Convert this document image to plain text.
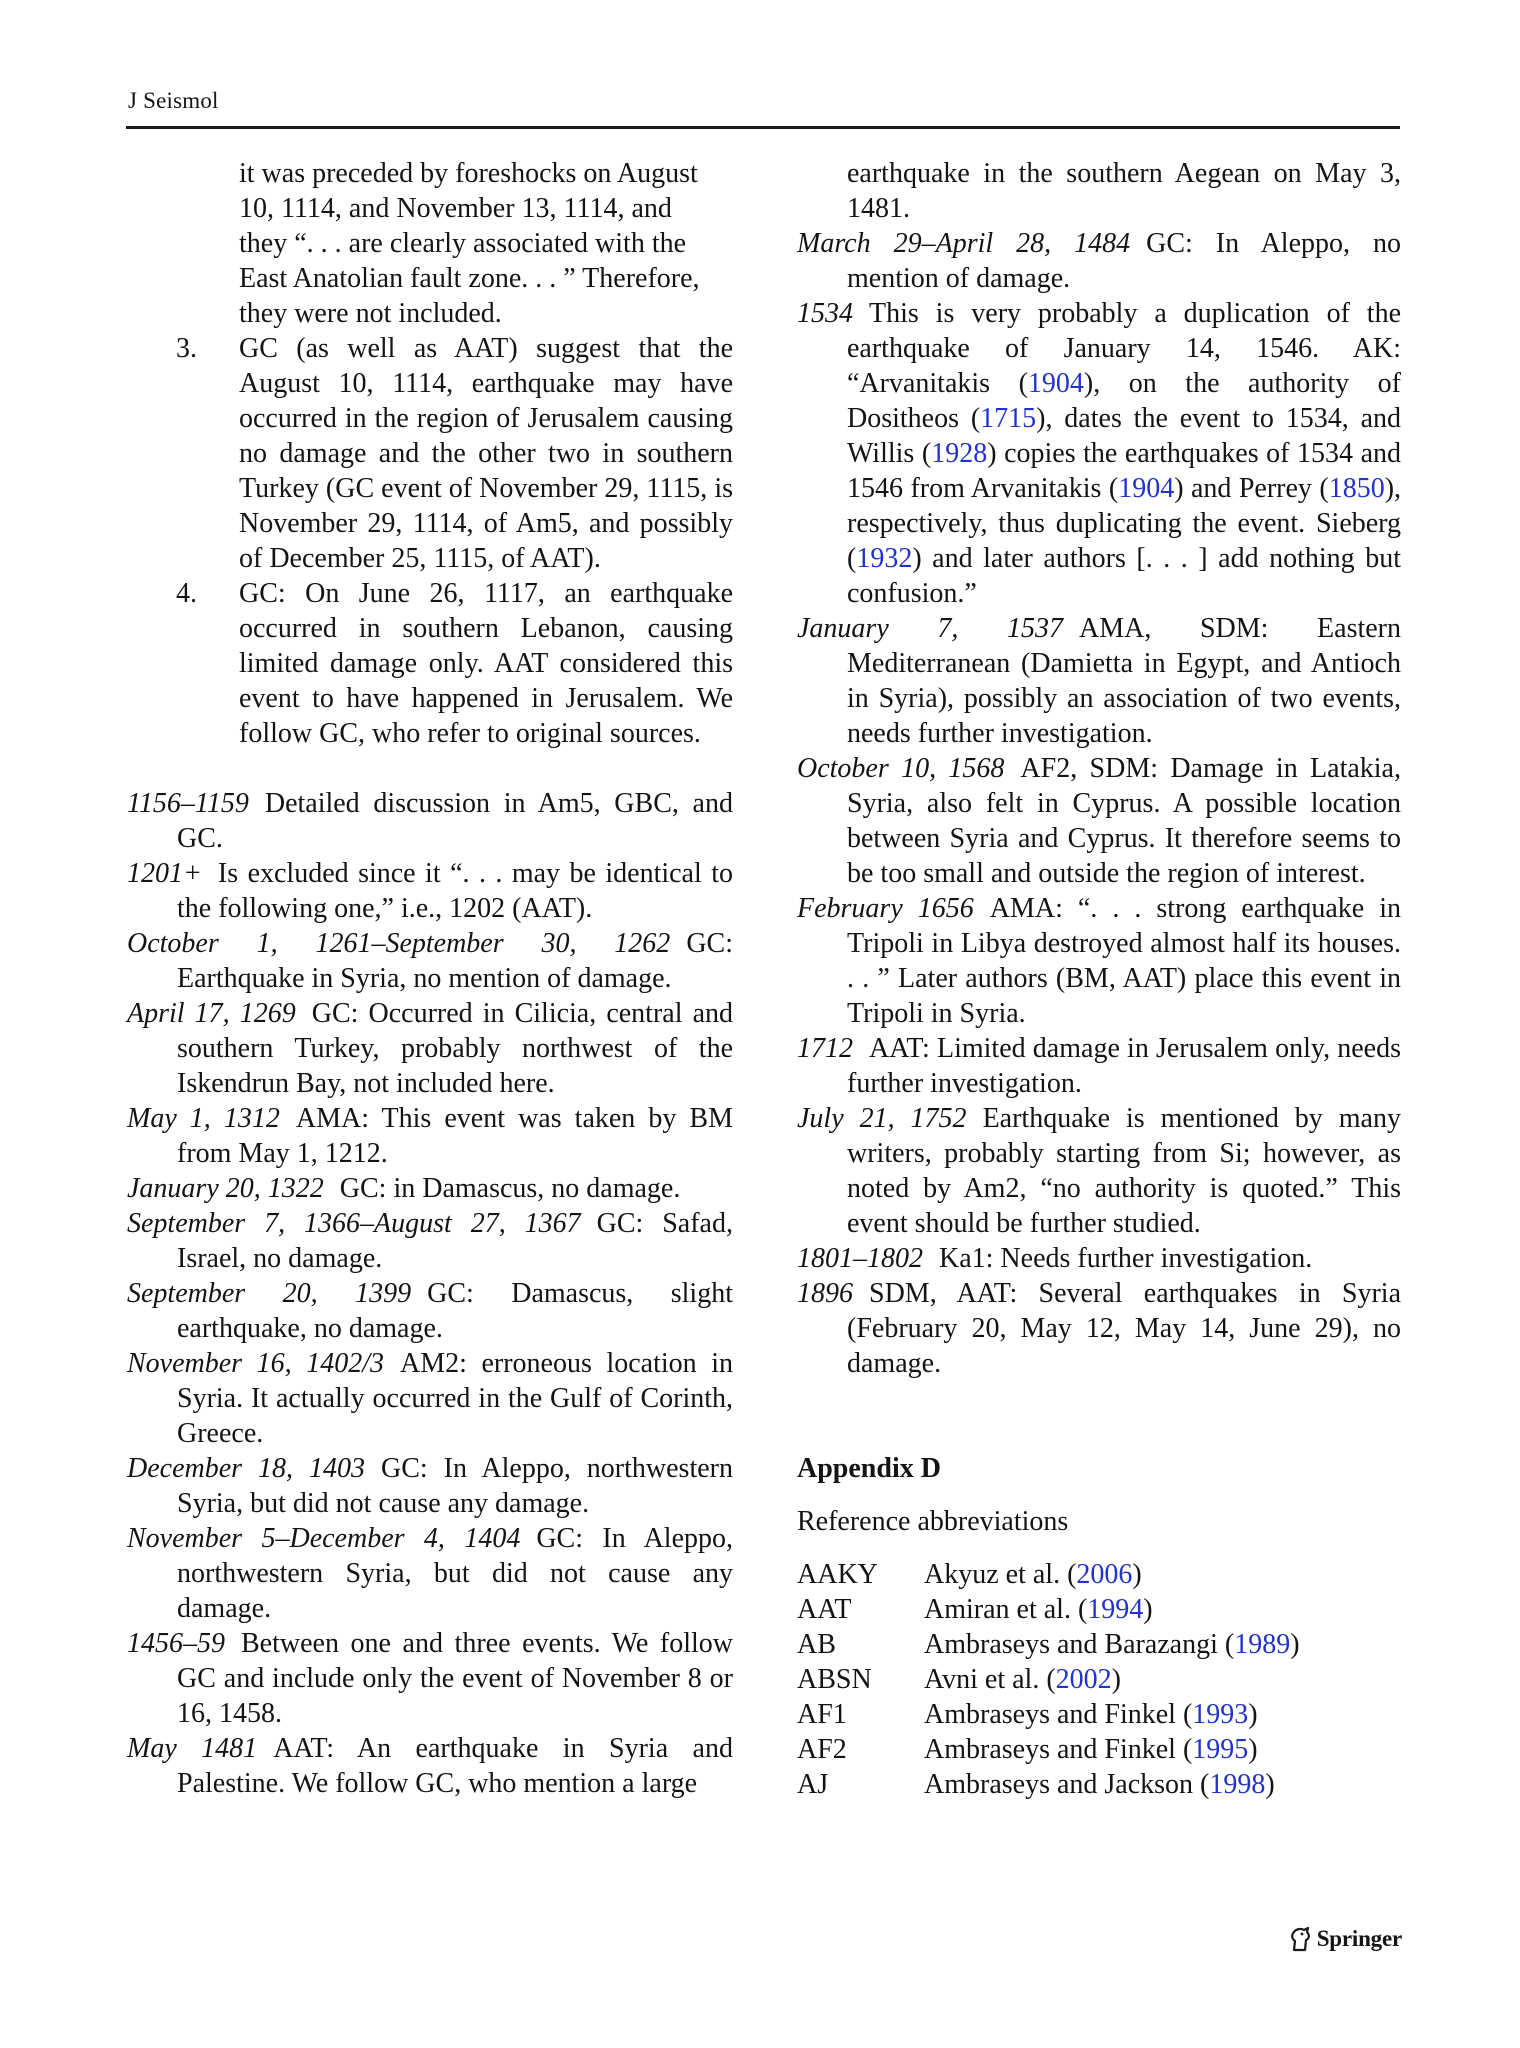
J Seismol
it was preceded by foreshocks on August
10, 1114, and November 13, 1114, and
they “. . . are clearly associated with the
East Anatolian fault zone. . . ” Therefore,
they were not included.
3. GC (as well as AAT) suggest that the August 10, 1114, earthquake may have occurred in the region of Jerusalem causing no damage and the other two in southern Turkey (GC event of November 29, 1115, is November 29, 1114, of Am5, and possibly of December 25, 1115, of AAT).
4. GC: On June 26, 1117, an earthquake occurred in southern Lebanon, causing limited damage only. AAT considered this event to have happened in Jerusalem. We follow GC, who refer to original sources.
1156–1159 Detailed discussion in Am5, GBC, and GC.
1201+ Is excluded since it “. . . may be identical to the following one,” i.e., 1202 (AAT).
October 1, 1261–September 30, 1262 GC: Earthquake in Syria, no mention of damage.
April 17, 1269 GC: Occurred in Cilicia, central and southern Turkey, probably northwest of the Iskendrun Bay, not included here.
May 1, 1312 AMA: This event was taken by BM from May 1, 1212.
January 20, 1322 GC: in Damascus, no damage.
September 7, 1366–August 27, 1367 GC: Safad, Israel, no damage.
September 20, 1399 GC: Damascus, slight earthquake, no damage.
November 16, 1402/3 AM2: erroneous location in Syria. It actually occurred in the Gulf of Corinth, Greece.
December 18, 1403 GC: In Aleppo, northwestern Syria, but did not cause any damage.
November 5–December 4, 1404 GC: In Aleppo, northwestern Syria, but did not cause any damage.
1456–59 Between one and three events. We follow GC and include only the event of November 8 or 16, 1458.
May 1481 AAT: An earthquake in Syria and Palestine. We follow GC, who mention a large
earthquake in the southern Aegean on May 3, 1481.
March 29–April 28, 1484 GC: In Aleppo, no mention of damage.
1534 This is very probably a duplication of the earthquake of January 14, 1546. AK: “Arvanitakis (1904), on the authority of Dositheos (1715), dates the event to 1534, and Willis (1928) copies the earthquakes of 1534 and 1546 from Arvanitakis (1904) and Perrey (1850), respectively, thus duplicating the event. Sieberg (1932) and later authors [. . . ] add nothing but confusion.”
January 7, 1537 AMA, SDM: Eastern Mediterranean (Damietta in Egypt, and Antioch in Syria), possibly an association of two events, needs further investigation.
October 10, 1568 AF2, SDM: Damage in Latakia, Syria, also felt in Cyprus. A possible location between Syria and Cyprus. It therefore seems to be too small and outside the region of interest.
February 1656 AMA: “. . . strong earthquake in Tripoli in Libya destroyed almost half its houses. . . ” Later authors (BM, AAT) place this event in Tripoli in Syria.
1712 AAT: Limited damage in Jerusalem only, needs further investigation.
July 21, 1752 Earthquake is mentioned by many writers, probably starting from Si; however, as noted by Am2, “no authority is quoted.” This event should be further studied.
1801–1802 Ka1: Needs further investigation.
1896 SDM, AAT: Several earthquakes in Syria (February 20, May 12, May 14, June 29), no damage.
Appendix D
Reference abbreviations
AAKY	Akyuz et al. (2006)
AAT	Amiran et al. (1994)
AB	Ambraseys and Barazangi (1989)
ABSN	Avni et al. (2002)
AF1	Ambraseys and Finkel (1993)
AF2	Ambraseys and Finkel (1995)
AJ	Ambraseys and Jackson (1998)
Springer
